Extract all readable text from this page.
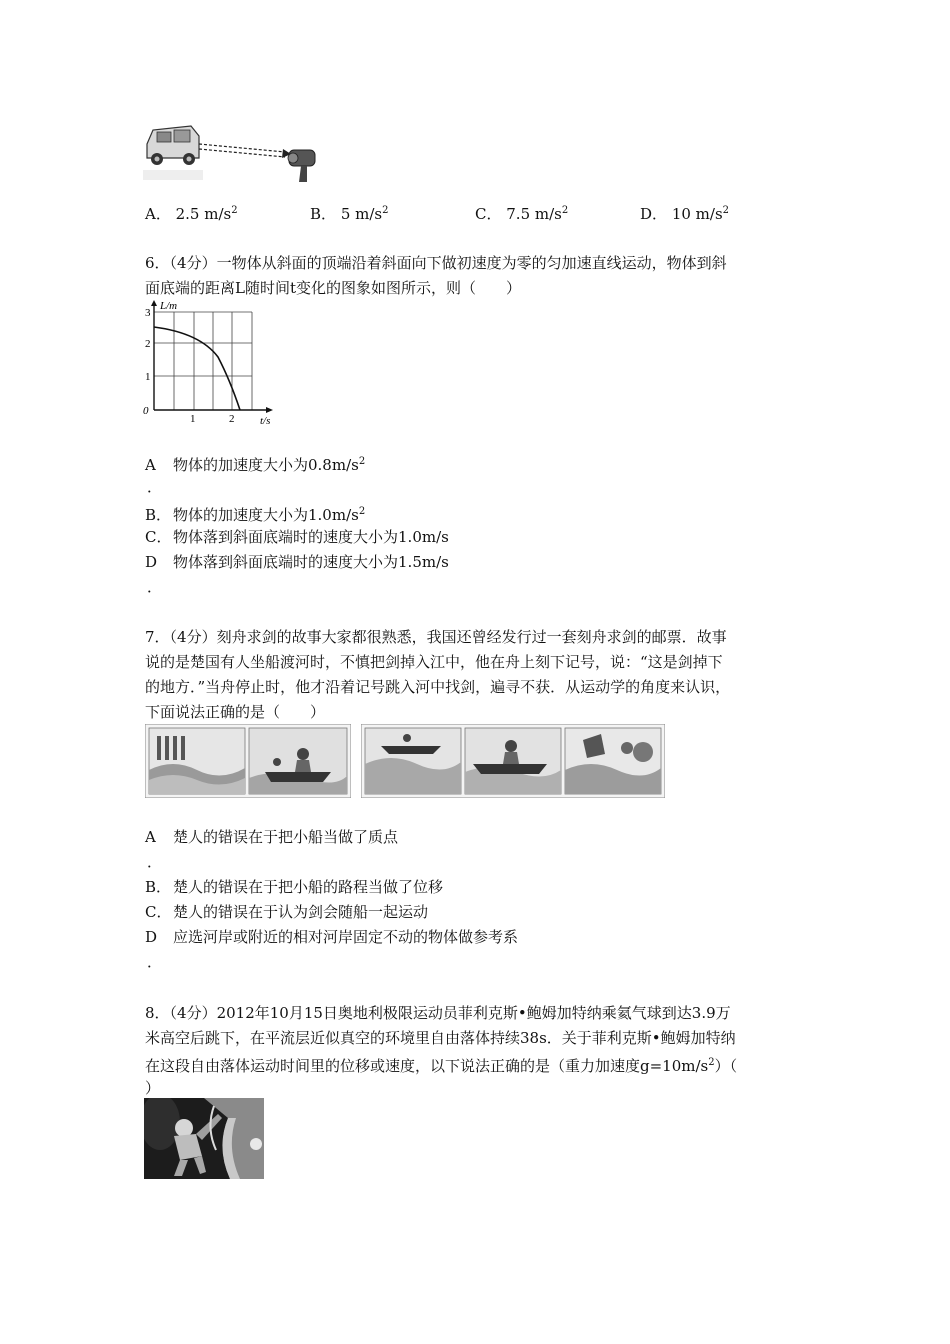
A． 2.5 $m/s^2$	B． 5 $m/s^2$	C． 7.5 $m/s^2$	D． 10 $m/s^2$
6．（4分）一物体从斜面的顶端沿着斜面向下做初速度为零的匀加速直线运动，物体到斜
面底端的距离L随时间t变化的图象如图所示，则（　　）
L/m
t/s
0
1
2
3
1	2
A 物体的加速度大小为$0.8m/s^2$
．
B． 物体的加速度大小为$1.0m/s^2$
C． 物体落到斜面底端时的速度大小为1.0m/s
D 物体落到斜面底端时的速度大小为1.5m/s
．
7．（4分）刻舟求剑的故事大家都很熟悉，我国还曾经发行过一套刻舟求剑的邮票．故事
说的是楚国有人坐船渡河时，不慎把剑掉入江中，他在舟上刻下记号，说：“这是剑掉下
的地方．”当舟停止时，他才沿着记号跳入河中找剑，遍寻不获．从运动学的角度来认识，
下面说法正确的是（　　）
A 楚人的错误在于把小船当做了质点
．
B． 楚人的错误在于把小船的路程当做了位移
C． 楚人的错误在于认为剑会随船一起运动
D 应选河岸或附近的相对河岸固定不动的物体做参考系
．
8．（4分）2012年10月15日奥地利极限运动员菲利克斯•鲍姆加特纳乘氦气球到达3.9万
米高空后跳下，在平流层近似真空的环境里自由落体持续38s．关于菲利克斯•鲍姆加特纳
在这段自由落体运动时间里的位移或速度，以下说法正确的是（重力加速度$g=10m/s^2$）（
）
